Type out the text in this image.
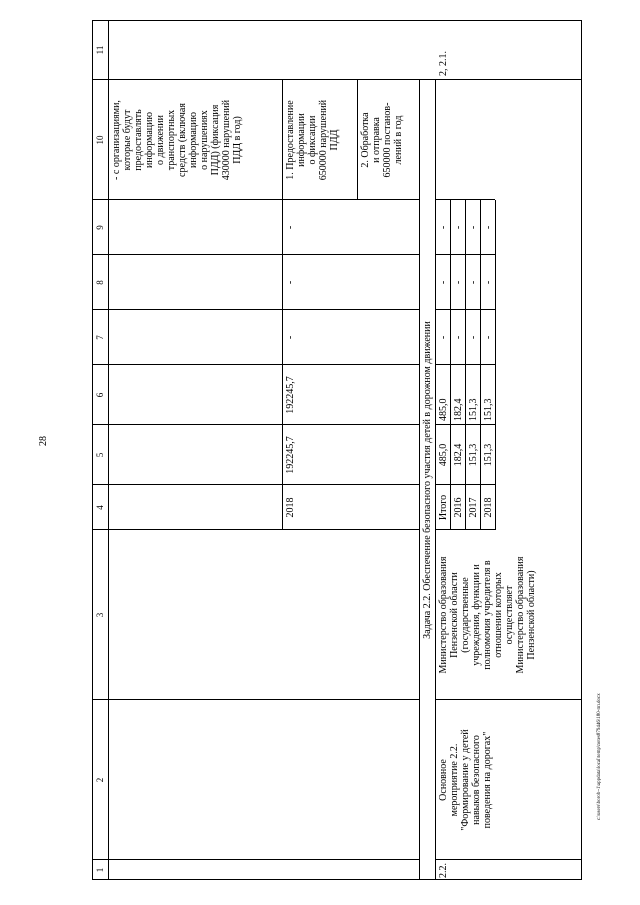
28
c:\users\borob~1\appdata\local\temp\notes879446\180-пп.docx
1
2
3
4
5
6
7
8
9
10
11
- с организациями, которые будут предоставлять информацию о движении транспортных средств (включая информацию о нарушениях ПДД) (фиксация 430000 нарушений ПДД в год)
2018
192245,7
192245,7
-
-
-
1. Предоставление информации о фиксации 650000 нарушений ПДД 2. Обработка и отправка 650000 постанов- лений в год
Задача 2.2. Обеспечение безопасного участия детей в дорожном движении
2.2.
Основное мероприятие 2.2. "Формирование у детей навыков безопасного поведения на дорогах"
Министерство образования Пензенской области (государственные учреждения, функции и полномочия учредителя в отношении которых осуществляет Министерство образования Пензенской области)
Итого
485,0
485,0
-
-
-
2016
182,4
182,4
-
-
-
2017
151,3
151,3
-
-
-
2018
151,3
151,3
-
-
-
2, 2.1.
